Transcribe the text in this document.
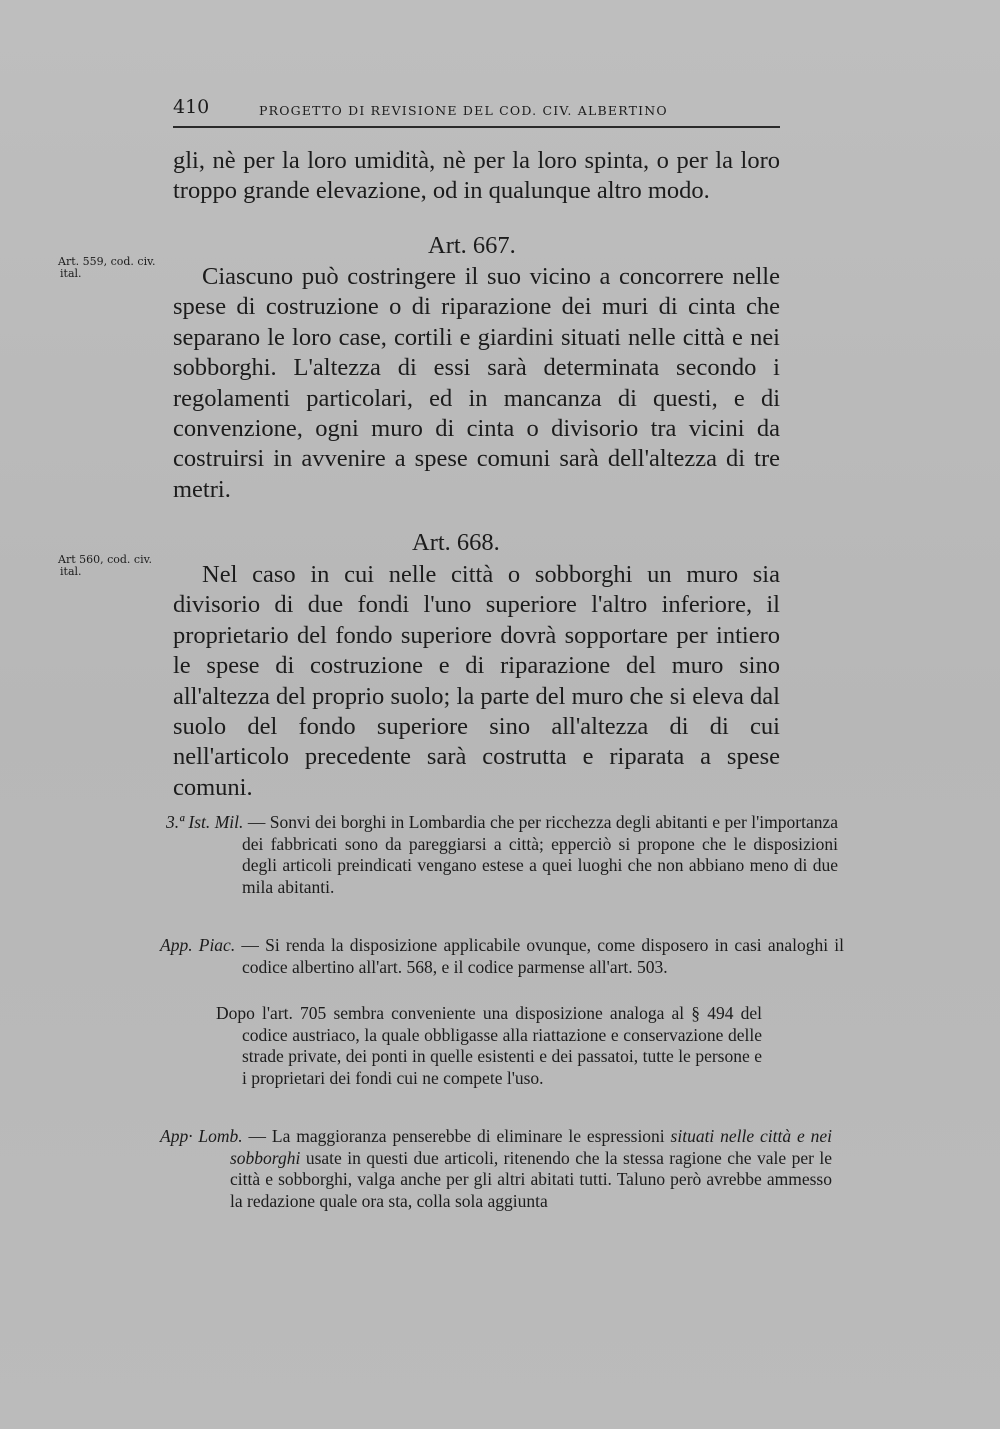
410	PROGETTO DI REVISIONE DEL COD. CIV. ALBERTINO

gli, nè per la loro umidità, nè per la loro spinta, o per la loro troppo grande elevazione, od in qualunque altro modo.

Art. 667.

Art. 559, cod. civ.
ital.	Ciascuno può costringere il suo vicino a concorrere nelle spese di costruzione o di riparazione dei muri di cinta che separano le loro case, cortili e giardini situati nelle città e nei sobborghi. L'altezza di essi sarà determinata secondo i regolamenti particolari, ed in mancanza di questi, e di convenzione, ogni muro di cinta o divisorio tra vicini da costruirsi in avvenire a spese comuni sarà dell'altezza di tre metri.

Art. 668.

Art 560, cod. civ.
ital.	Nel caso in cui nelle città o sobborghi un muro sia divisorio di due fondi l'uno superiore l'altro inferiore, il proprietario del fondo superiore dovrà sopportare per intiero le spese di costruzione e di riparazione del muro sino all'altezza del proprio suolo; la parte del muro che si eleva dal suolo del fondo superiore sino all'altezza di di cui nell'articolo precedente sarà costrutta e riparata a spese comuni.

3.ª Ist. Mil. — Sonvi dei borghi in Lombardia che per ricchezza degli abitanti e per l'importanza dei fabbricati sono da pareggiarsi a città; epperciò si propone che le disposizioni degli articoli preindicati vengano estese a quei luoghi che non abbiano meno di due mila abitanti.

App. Piac. — Si renda la disposizione applicabile ovunque, come disposero in casi analoghi il codice albertino all'art. 568, e il codice parmense all'art. 503.

Dopo l'art. 705 sembra conveniente una disposizione analoga al § 494 del codice austriaco, la quale obbligasse alla riattazione e conservazione delle strade private, dei ponti in quelle esistenti e dei passatoi, tutte le persone e i proprietari dei fondi cui ne compete l'uso.

App· Lomb. — La maggioranza penserebbe di eliminare le espressioni situati nelle città e nei sobborghi usate in questi due articoli, ritenendo che la stessa ragione che vale per le città e sobborghi, valga anche per gli altri abitati tutti. Taluno però avrebbe ammesso la redazione quale ora sta, colla sola aggiunta
